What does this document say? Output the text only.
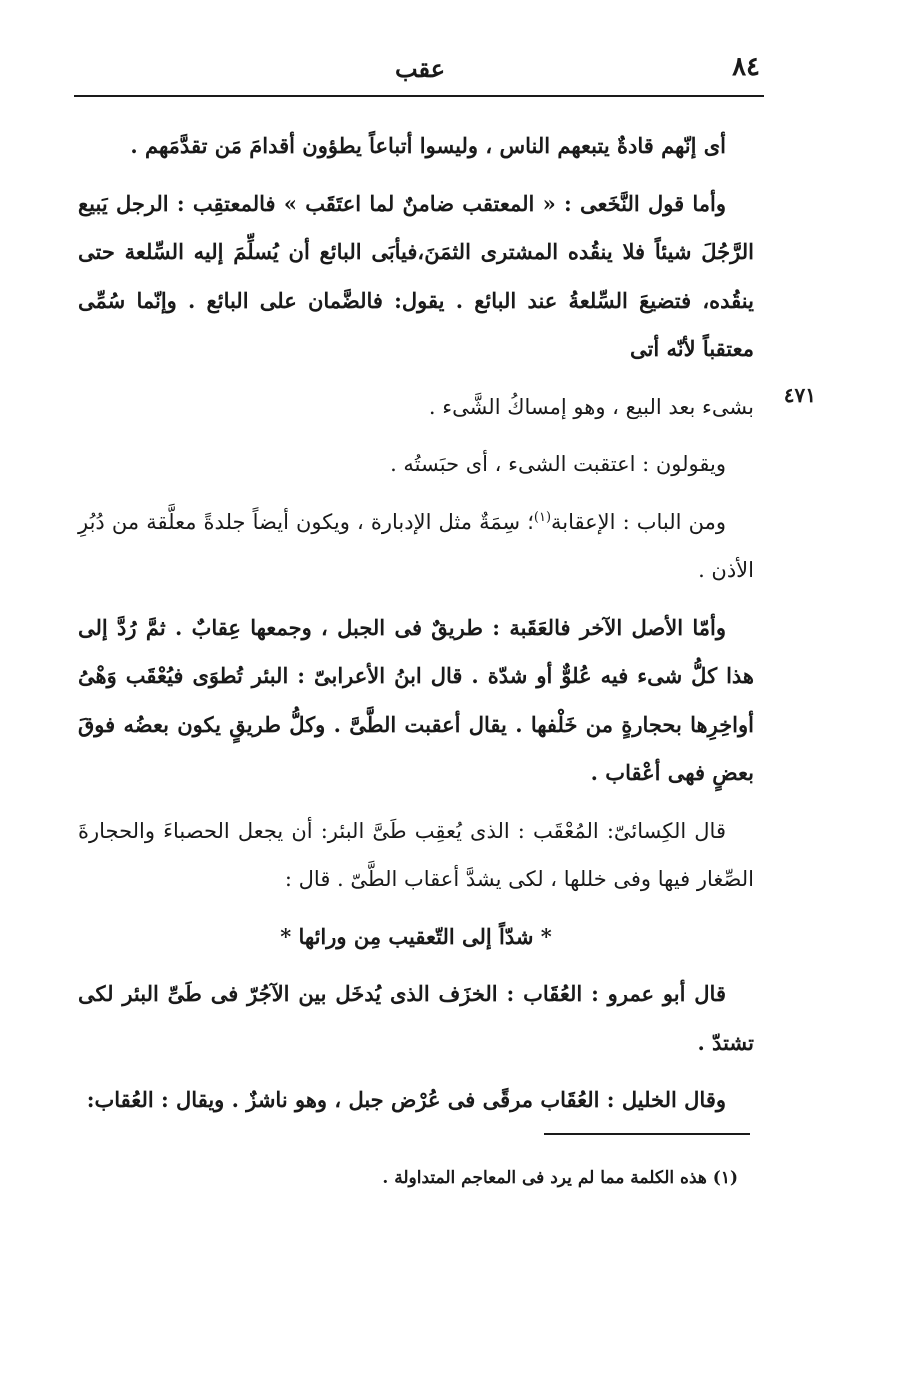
٨٤
عقب

أى إنّهم قادةٌ يتبعهم الناس ، وليسوا أتباعاً يطؤون أقدامَ مَن تقدَّمَهم .

وأما قول النَّخَعى : « المعتقب ضامنٌ لما اعتَقَب » فالمعتقِب : الرجل يَبيع الرَّجُلَ شيئاً فلا ينقُده المشترى الثمَنَ،فيأبَى البائع أن يُسلِّمَ إليه السِّلعة حتى ينقُده، فتضيعَ السِّلعةُ عند البائع . يقول: فالضَّمان على البائع . وإنّما سُمِّى معتقباً لأنّه أتى

٤٧١

بشىء بعد البيع ، وهو إمساكُ الشَّىء .

ويقولون : اعتقبت الشىء ، أى حبَستُه .

ومن الباب : الإعقابة$^{(١)}$؛ سِمَةٌ مثل الإدبارة ، ويكون أيضاً جلدةً معلَّقة من دُبُرِ الأذن .

وأمّا الأصل الآخر فالعَقَبة : طريقٌ فى الجبل ، وجمعها عِقابٌ . ثمَّ رُدَّ إلى هذا كلُّ شىء فيه عُلوٌّ أو شدّة . قال ابنُ الأعرابىّ : البئر تُطوَى فيُعْقَب وَهْىُ أواخِرِها بحجارةٍ من خَلْفها . يقال أعقبت الطَّىَّ . وكلُّ طريقٍ يكون بعضُه فوقَ بعضٍ فهى أعْقاب .

قال الكِسائىّ: المُعْقَب : الذى يُعقِب طَىَّ البئر: أن يجعل الحصباءَ والحجارةَ الصِّغار فيها وفى خللها ، لكى يشدَّ أعقاب الطَّىّ . قال :

* شدّاً إلى التّعقيب مِن ورائها *

قال أبو عمرو : العُقَاب : الخزَف الذى يُدخَل بين الآجُرّ فى طَىِّ البئر لكى تشتدّ .

وقال الخليل : العُقَاب مرقًى فى عُرْض جبل ، وهو ناشزٌ . ويقال : العُقاب:

(١) هذه الكلمة مما لم يرد فى المعاجم المتداولة .
